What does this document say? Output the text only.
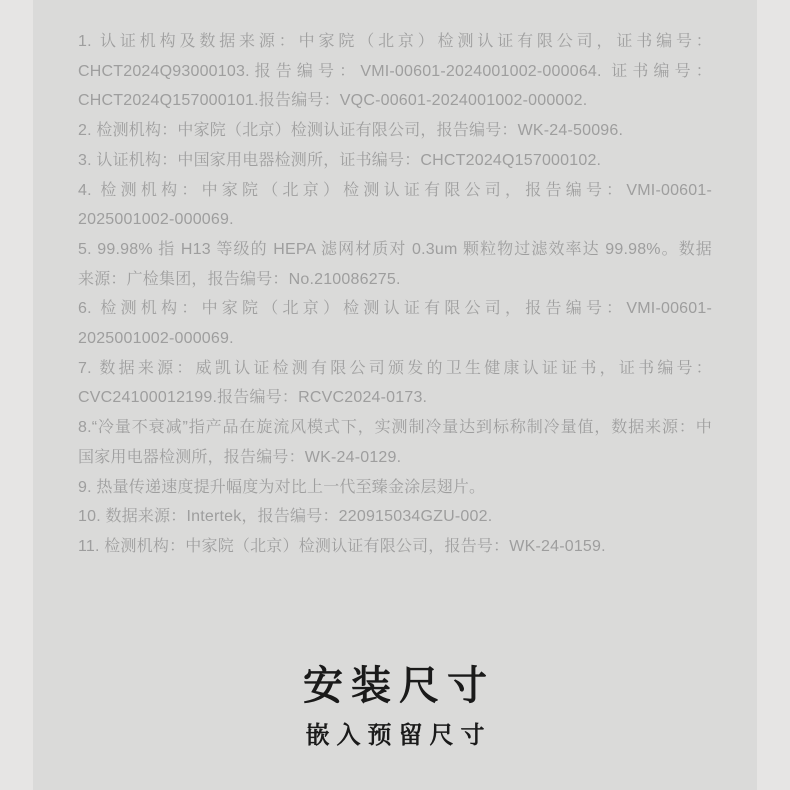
1. 认证机构及数据来源：中家院（北京）检测认证有限公司，证书编号：
CHCT2024Q93000103.报告编号：VMI-00601-2024001002-000064. 证书编号：
CHCT2024Q157000101.报告编号：VQC-00601-2024001002-000002.
2. 检测机构：中家院（北京）检测认证有限公司，报告编号：WK-24-50096.
3. 认证机构：中国家用电器检测所，证书编号：CHCT2024Q157000102.
4. 检测机构：中家院（北京）检测认证有限公司，报告编号：VMI-00601-
2025001002-000069.
5. 99.98% 指 H13 等级的 HEPA 滤网材质对 0.3um 颗粒物过滤效率达 99.98%。数据
来源：广检集团，报告编号：No.210086275.
6. 检测机构：中家院（北京）检测认证有限公司，报告编号：VMI-00601-
2025001002-000069.
7. 数据来源：威凯认证检测有限公司颁发的卫生健康认证证书，证书编号：
CVC24100012199.报告编号：RCVC2024-0173.
8.“冷量不衰减”指产品在旋流风模式下，实测制冷量达到标称制冷量值，数据来源：中
国家用电器检测所，报告编号：WK-24-0129.
9. 热量传递速度提升幅度为对比上一代至臻金涂层翅片。
10. 数据来源：Intertek，报告编号：220915034GZU-002.
11. 检测机构：中家院（北京）检测认证有限公司，报告号：WK-24-0159.
安装尺寸
嵌入预留尺寸
